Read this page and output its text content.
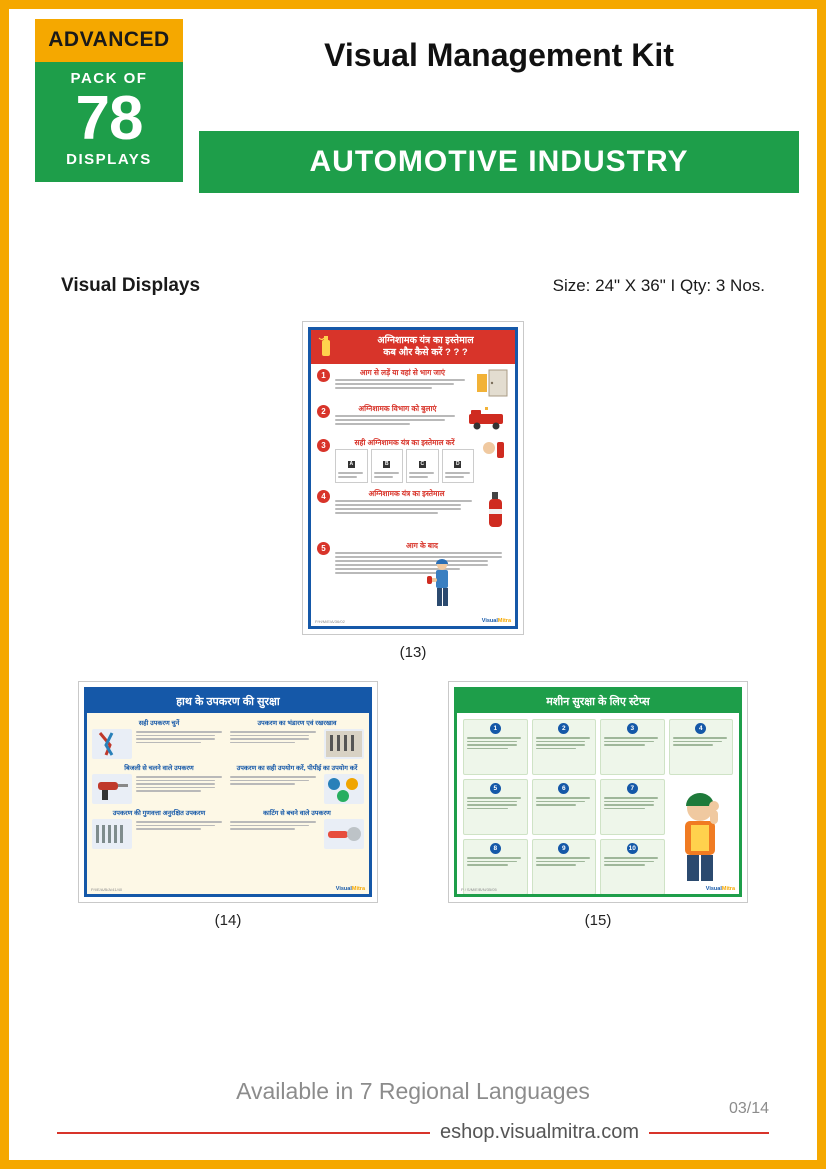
ADVANCED
PACK OF
78
DISPLAYS
Visual Management Kit
AUTOMOTIVE INDUSTRY
Visual Displays	Size: 24" X 36" I Qty: 3 Nos.
अग्निशामक यंत्र का इस्तेमाल
कब और कैसे करें ? ? ?
1	आग से लड़ें या वहां से भाग जाएं
2	अग्निशामक विभाग को बुलाएं
3	सही अग्निशामक यंत्र का इस्तेमाल करें
A	B	C	D
4	अग्निशामक यंत्र का इस्तेमाल
5	आग के बाद
P/H/M/E/A/36/02	VisualMitra
(13)
हाथ के उपकरण की सुरक्षा
सही उपकरण चुनें	उपकरण का भंडारण एवं रखरखाव
बिजली से चलने वाले उपकरण	उपकरण का सही उपयोग करें, पीपीई का उपयोग करें
उपकरण की गुणवत्ता अनुरक्षित उपकरण	काटिंग से बचने वाले उपकरण
P/I/E/A/B/A/41/40	VisualMitra
(14)
मशीन सुरक्षा के लिए स्टेप्स
1	2	3	4
5	6	7
8	9	10
P / S/M/E/B/N/35/05	VisualMitra
(15)
Available in 7 Regional Languages
eshop.visualmitra.com
03/14
